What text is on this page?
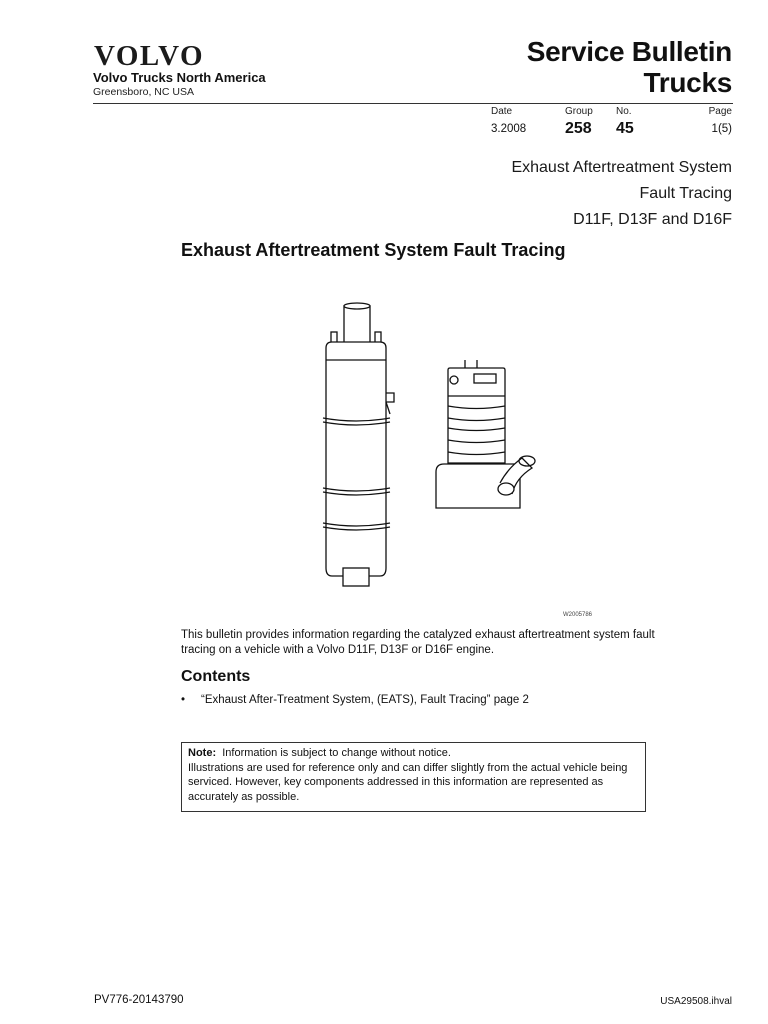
VOLVO
Volvo Trucks North America
Greensboro, NC USA
Service Bulletin
Trucks
Date	Group No.	Page
3.2008 258 45	1(5)
Exhaust Aftertreatment System
Fault Tracing
D11F, D13F and D16F
Exhaust Aftertreatment System Fault Tracing
W2005786
This bulletin provides information regarding the catalyzed exhaust aftertreatment system fault tracing on a vehicle with a Volvo D11F, D13F or D16F engine.
Contents
• “Exhaust After-Treatment System, (EATS), Fault Tracing” page 2
Note: Information is subject to change without notice.
Illustrations are used for reference only and can differ slightly from the actual vehicle being serviced. However, key components addressed in this information are represented as accurately as possible.
PV776-20143790	USA29508.ihval
